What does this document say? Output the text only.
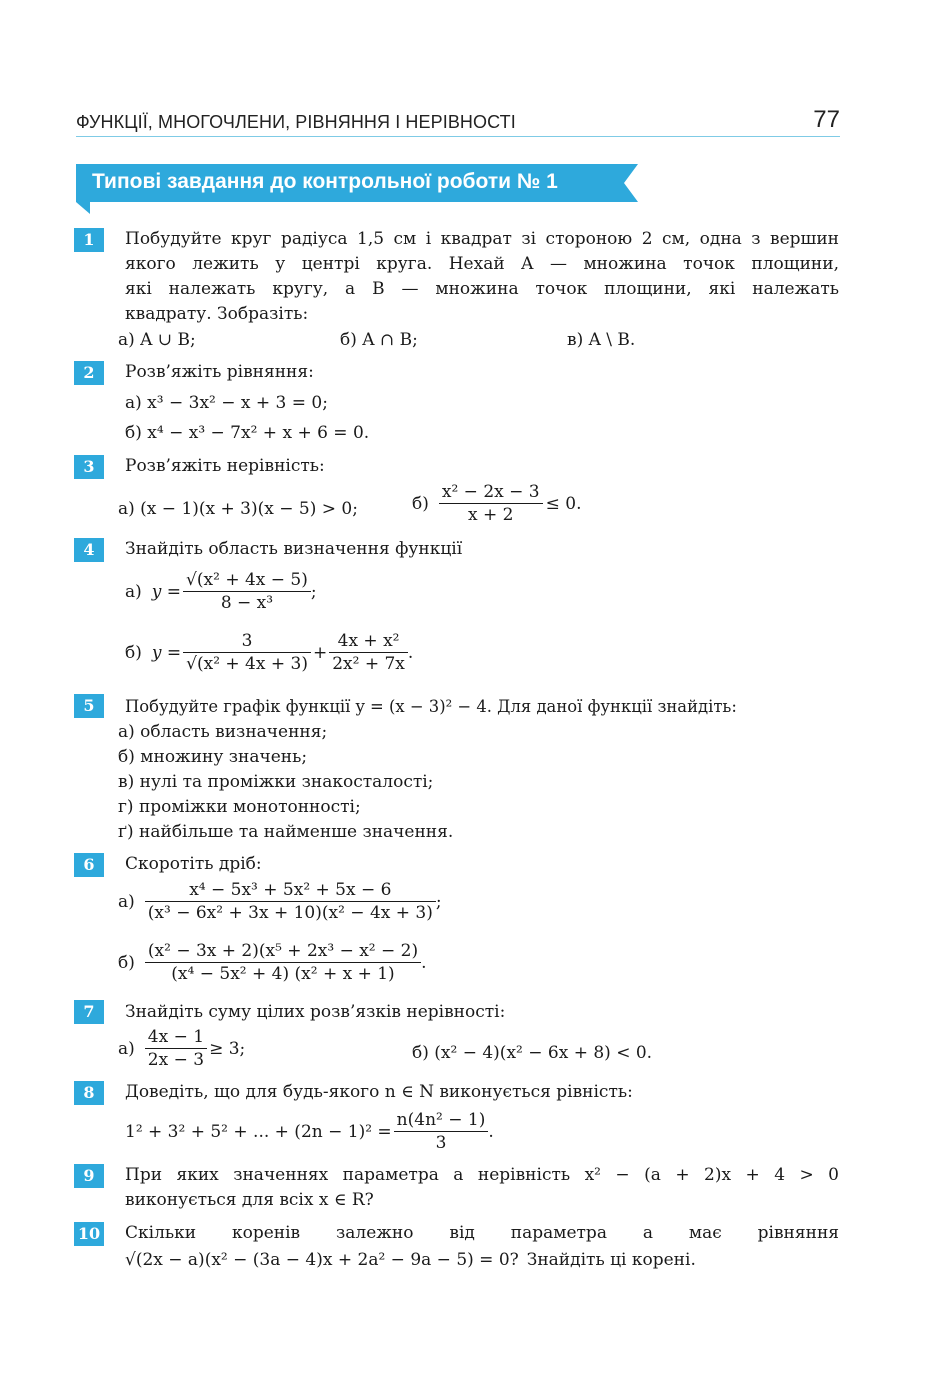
ФУНКЦІЇ, МНОГОЧЛЕНИ, РІВНЯННЯ І НЕРІВНОСТІ	77
Типові завдання до контрольної роботи № 1
1	Побудуйте круг радіуса 1,5 см і квадрат зі стороною 2 см, одна з вершин
якого лежить у центрі круга. Нехай A — множина точок площини,
які належать кругу, а B — множина точок площини, які належать
квадрату. Зобразіть:
а) A ∪ B;	б) A ∩ B;	в) A \ B.
2	Розв’яжіть рівняння:
а) x³ − 3x² − x + 3 = 0;
б) x⁴ − x³ − 7x² + x + 6 = 0.
3	Розв’яжіть нерівність:
а) (x − 1)(x + 3)(x − 5) > 0;	$б) \frac{\text{x² − 2x − 3}}{x + 2} \le 0$.
4	Знайдіть область визначення функції
а) $y = \frac{\text{√(x² + 4x − 5)}}{\text{8 − x³}}$ ;
б) $y = \frac{3}{\text{√(x² + 4x + 3)}} + \frac{\text{4x + x²}}{\text{2x² + 7x}}$ .
5	Побудуйте графік функції y = (x − 3)² − 4. Для даної функції знайдіть:
а) область визначення;
б) множину значень;
в) нулі та проміжки знакосталості;
г) проміжки монотонності;
ґ) найбільше та найменше значення.
6	Скоротіть дріб:
$а) \frac{\text{x⁴ − 5x³ + 5x² + 5x − 6}}{\text{(x³ − 6x² + 3x + 10)(x² − 4x + 3)}}$ ;
$б) \frac{\text{(x² − 3x + 2)(x⁵ + 2x³ − x² − 2)}}{\text{(x⁴ − 5x² + 4) (x² + x + 1)}}$ .
7	Знайдіть суму цілих розв’язків нерівності:
$а) \frac{4x - 1}{2x - 3} \ge 3$;	б) (x² − 4)(x² − 6x + 8) < 0.
8	Доведіть, що для будь-якого n ∈ N виконується рівність:
1² + 3² + 5² + ... + $(2n - 1)^2 = \frac{\text{n(4n² − 1)}}{3}$ .
9	При яких значеннях параметра a нерівність x² − (a + 2)x + 4 > 0
виконується для всіх x ∈ R?
10 Скільки коренів залежно від параметра a має рівняння
√(2x − a)(x² − (3a − 4)x + 2a² − 9a − 5) = 0? Знайдіть ці корені.
